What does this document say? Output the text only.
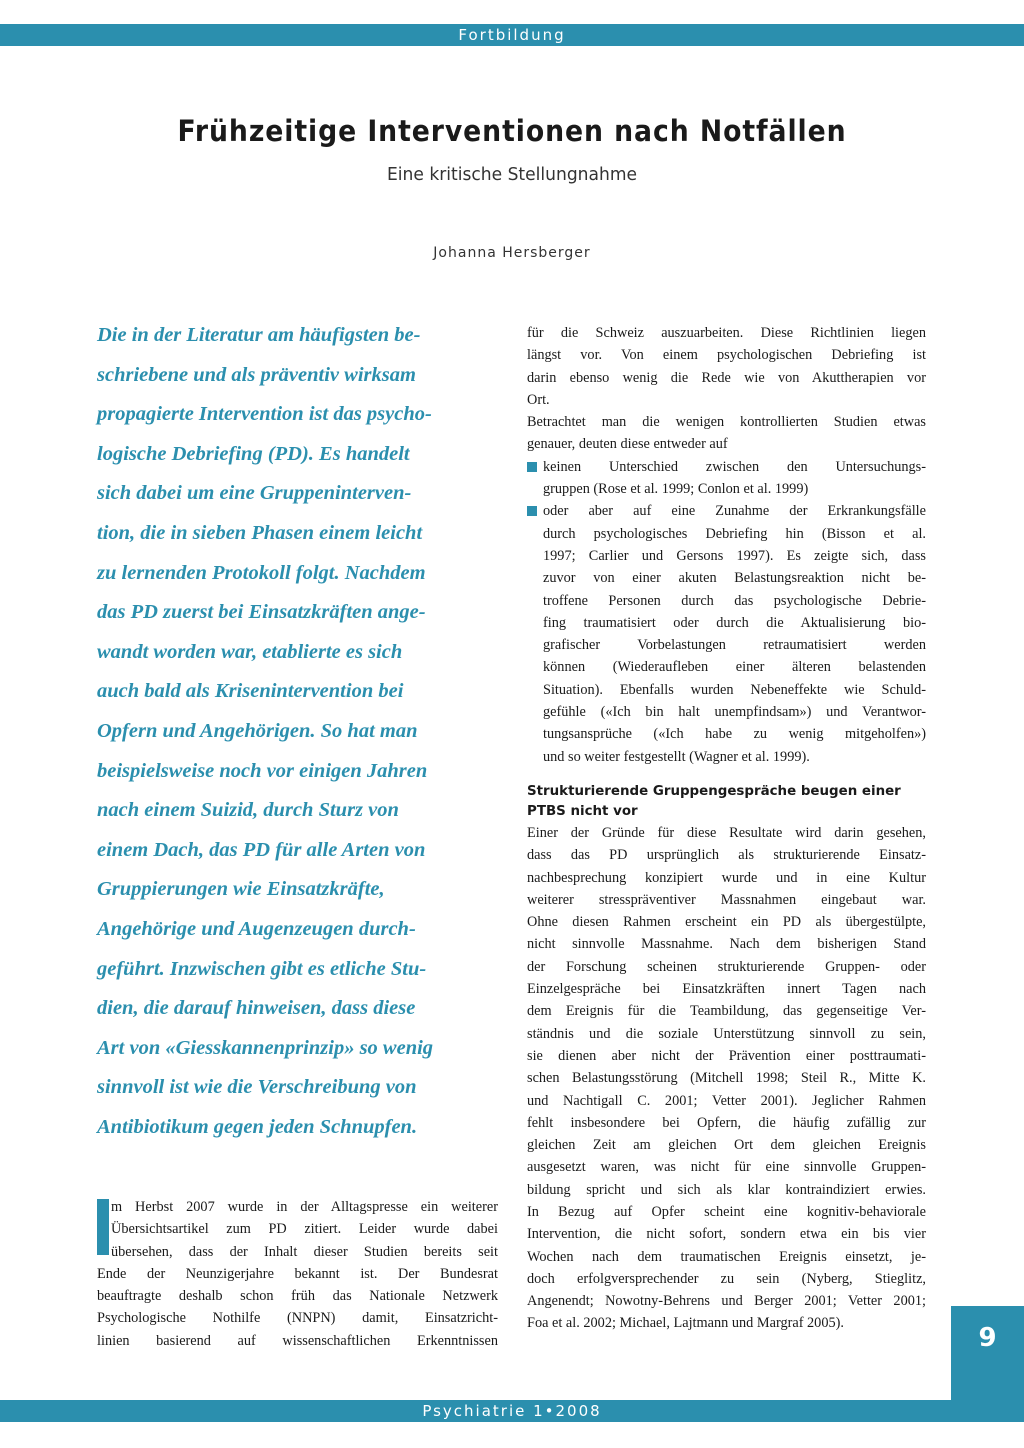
Fortbildung
Frühzeitige Interventionen nach Notfällen
Eine kritische Stellungnahme
Johanna Hersberger
Die in der Literatur am häufigsten be-
schriebene und als präventiv wirksam
propagierte Intervention ist das psycho-
logische Debriefing (PD). Es handelt
sich dabei um eine Gruppeninterven-
tion, die in sieben Phasen einem leicht
zu lernenden Protokoll folgt. Nachdem
das PD zuerst bei Einsatzkräften ange-
wandt worden war, etablierte es sich
auch bald als Krisenintervention bei
Opfern und Angehörigen. So hat man
beispielsweise noch vor einigen Jahren
nach einem Suizid, durch Sturz von
einem Dach, das PD für alle Arten von
Gruppierungen wie Einsatzkräfte,
Angehörige und Augenzeugen durch-
geführt. Inzwischen gibt es etliche Stu-
dien, die darauf hinweisen, dass diese
Art von «Giesskannenprinzip» so wenig
sinnvoll ist wie die Verschreibung von
Antibiotikum gegen jeden Schnupfen.
m Herbst 2007 wurde in der Alltagspresse ein weiterer
Übersichtsartikel zum PD zitiert. Leider wurde dabei
übersehen, dass der Inhalt dieser Studien bereits seit
Ende der Neunzigerjahre bekannt ist. Der Bundesrat
beauftragte deshalb schon früh das Nationale Netzwerk
Psychologische Nothilfe (NNPN) damit, Einsatzricht-
linien basierend auf wissenschaftlichen Erkenntnissen
für die Schweiz auszuarbeiten. Diese Richtlinien liegen
längst vor. Von einem psychologischen Debriefing ist
darin ebenso wenig die Rede wie von Akuttherapien vor
Ort.
Betrachtet man die wenigen kontrollierten Studien etwas
genauer, deuten diese entweder auf
keinen Unterschied zwischen den Untersuchungs-
gruppen (Rose et al. 1999; Conlon et al. 1999)
oder aber auf eine Zunahme der Erkrankungsfälle
durch psychologisches Debriefing hin (Bisson et al.
1997; Carlier und Gersons 1997). Es zeigte sich, dass
zuvor von einer akuten Belastungsreaktion nicht be-
troffene Personen durch das psychologische Debrie-
fing traumatisiert oder durch die Aktualisierung bio-
grafischer Vorbelastungen retraumatisiert werden
können (Wiederaufleben einer älteren belastenden
Situation). Ebenfalls wurden Nebeneffekte wie Schuld-
gefühle («Ich bin halt unempfindsam») und Verantwor-
tungsansprüche («Ich habe zu wenig mitgeholfen»)
und so weiter festgestellt (Wagner et al. 1999).
Strukturierende Gruppengespräche beugen einer
PTBS nicht vor
Einer der Gründe für diese Resultate wird darin gesehen,
dass das PD ursprünglich als strukturierende Einsatz-
nachbesprechung konzipiert wurde und in eine Kultur
weiterer stresspräventiver Massnahmen eingebaut war.
Ohne diesen Rahmen erscheint ein PD als übergestülpte,
nicht sinnvolle Massnahme. Nach dem bisherigen Stand
der Forschung scheinen strukturierende Gruppen- oder
Einzelgespräche bei Einsatzkräften innert Tagen nach
dem Ereignis für die Teambildung, das gegenseitige Ver-
ständnis und die soziale Unterstützung sinnvoll zu sein,
sie dienen aber nicht der Prävention einer posttraumati-
schen Belastungsstörung (Mitchell 1998; Steil R., Mitte K.
und Nachtigall C. 2001; Vetter 2001). Jeglicher Rahmen
fehlt insbesondere bei Opfern, die häufig zufällig zur
gleichen Zeit am gleichen Ort dem gleichen Ereignis
ausgesetzt waren, was nicht für eine sinnvolle Gruppen-
bildung spricht und sich als klar kontraindiziert erwies.
In Bezug auf Opfer scheint eine kognitiv-behaviorale
Intervention, die nicht sofort, sondern etwa ein bis vier
Wochen nach dem traumatischen Ereignis einsetzt, je-
doch erfolgversprechender zu sein (Nyberg, Stieglitz,
Angenendt; Nowotny-Behrens und Berger 2001; Vetter 2001;
Foa et al. 2002; Michael, Lajtmann und Margraf 2005).	9
Psychiatrie 1•2008
